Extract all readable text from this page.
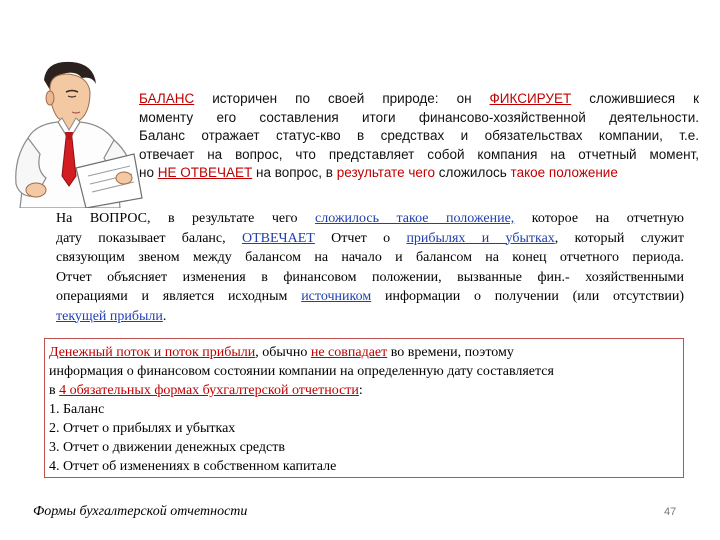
БАЛАНС историчен по своей природе: он ФИКСИРУЕТ сложившиеся к
моменту его составления итоги финансово-хозяйственной деятельности.
Баланс отражает статус-кво в средствах и обязательствах компании, т.е.
отвечает на вопрос, что представляет собой компания на отчетный момент,
но НЕ ОТВЕЧАЕТ на вопрос, в результате чего сложилось такое положение
На ВОПРОС, в результате чего сложилось такое положение, которое на отчетную
дату показывает баланс, ОТВЕЧАЕТ Отчет о прибылях и убытках, который служит
связующим звеном между балансом на начало и балансом на конец отчетного периода.
Отчет объясняет изменения в финансовом положении, вызванные фин.- хозяйственными
операциями и является исходным источником информации о получении (или отсутствии)
текущей прибыли.
Денежный поток и поток прибыли, обычно не совпадает во времени, поэтому
информация о финансовом состоянии компании на определенную дату составляется
в 4 обязательных формах бухгалтерской отчетности:
1. Баланс
2. Отчет о прибылях и убытках
3. Отчет о движении денежных средств
4. Отчет об изменениях в собственном капитале
Формы бухгалтерской отчетности	47
